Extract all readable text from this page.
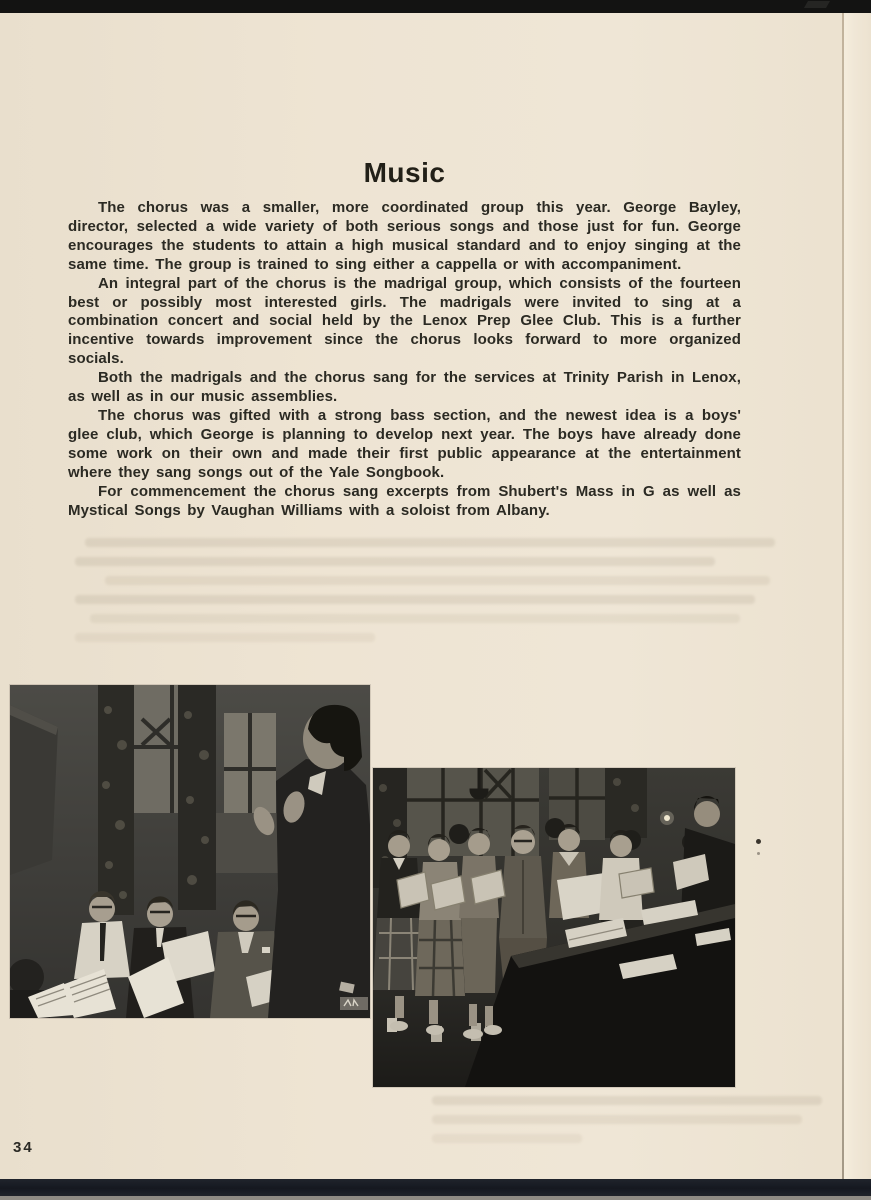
Music

The chorus was a smaller, more coordinated group this year. George Bayley, director, selected a wide variety of both serious songs and those just for fun. George encourages the students to attain a high musical standard and to enjoy singing at the same time. The group is trained to sing either a cappella or with accompaniment.

An integral part of the chorus is the madrigal group, which consists of the fourteen best or possibly most interested girls. The madrigals were invited to sing at a combination concert and social held by the Lenox Prep Glee Club. This is a further incentive towards improvement since the chorus looks forward to more organized socials.

Both the madrigals and the chorus sang for the services at Trinity Parish in Lenox, as well as in our music assemblies.

The chorus was gifted with a strong bass section, and the newest idea is a boys' glee club, which George is planning to develop next year. The boys have already done some work on their own and made their first public appearance at the entertainment where they sang songs out of the Yale Songbook.

For commencement the chorus sang excerpts from Shubert's Mass in G as well as Mystical Songs by Vaughan Williams with a soloist from Albany.

34
